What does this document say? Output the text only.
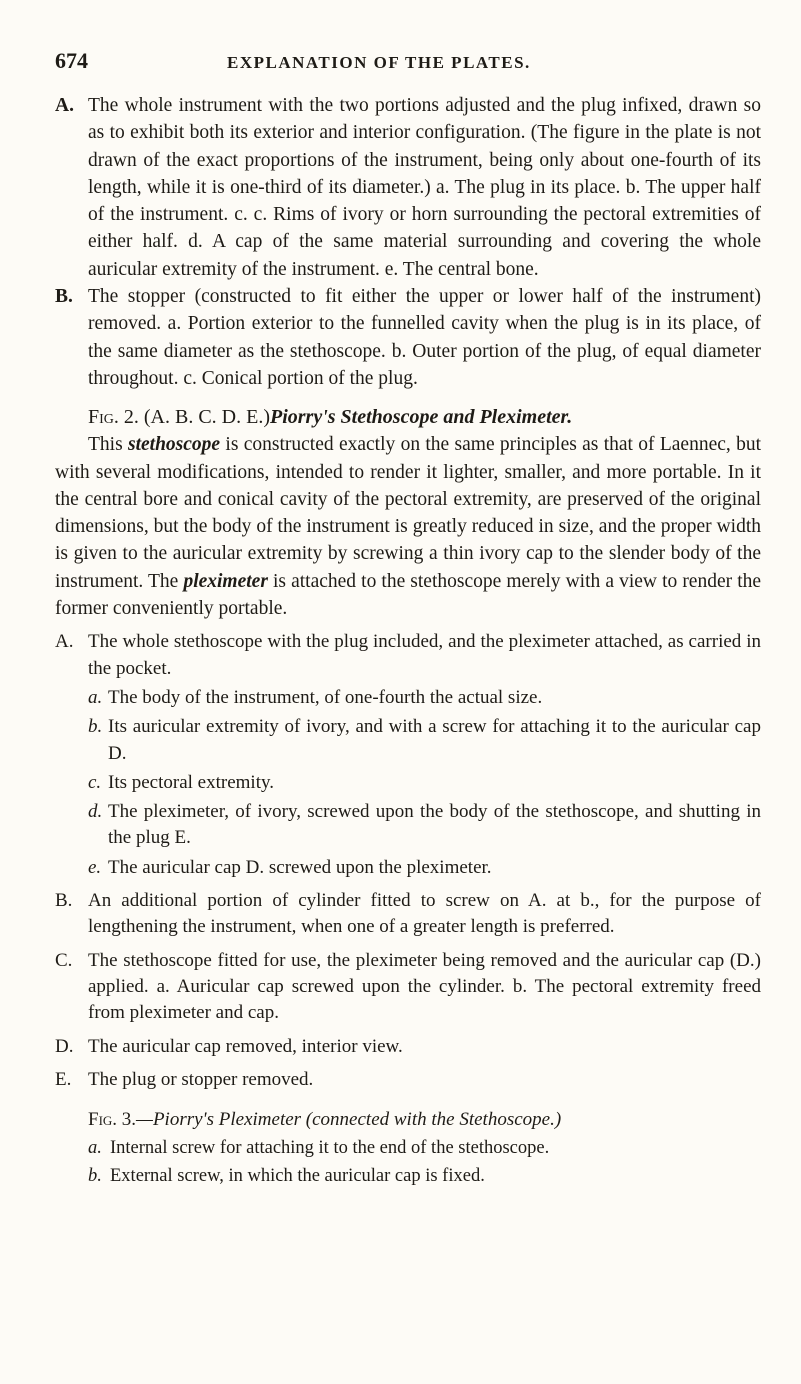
674	EXPLANATION OF THE PLATES.

A. The whole instrument with the two portions adjusted and the plug infixed, drawn so as to exhibit both its exterior and interior configuration. (The figure in the plate is not drawn of the exact proportions of the instrument, being only about one-fourth of its length, while it is one-third of its diameter.) a. The plug in its place. b. The upper half of the instrument. c. c. Rims of ivory or horn surrounding the pectoral extremities of either half. d. A cap of the same material surrounding and covering the whole auricular extremity of the instrument. e. The central bone.

B. The stopper (constructed to fit either the upper or lower half of the instrument) removed. a. Portion exterior to the funnelled cavity when the plug is in its place, of the same diameter as the stethoscope. b. Outer portion of the plug, of equal diameter throughout. c. Conical portion of the plug.

Fig. 2. (A. B. C. D. E.)Piorry's Stethoscope and Pleximeter.

This stethoscope is constructed exactly on the same principles as that of Laennec, but with several modifications, intended to render it lighter, smaller, and more portable. In it the central bore and conical cavity of the pectoral extremity, are preserved of the original dimensions, but the body of the instrument is greatly reduced in size, and the proper width is given to the auricular extremity by screwing a thin ivory cap to the slender body of the instrument. The pleximeter is attached to the stethoscope merely with a view to render the former conveniently portable.

A. The whole stethoscope with the plug included, and the pleximeter attached, as carried in the pocket.

a. The body of the instrument, of one-fourth the actual size.

b. Its auricular extremity of ivory, and with a screw for attaching it to the auricular cap D.

c. Its pectoral extremity.

d. The pleximeter, of ivory, screwed upon the body of the stethoscope, and shutting in the plug E.

e. The auricular cap D. screwed upon the pleximeter.

B. An additional portion of cylinder fitted to screw on A. at b., for the purpose of lengthening the instrument, when one of a greater length is preferred.

C. The stethoscope fitted for use, the pleximeter being removed and the auricular cap (D.) applied. a. Auricular cap screwed upon the cylinder. b. The pectoral extremity freed from pleximeter and cap.

D. The auricular cap removed, interior view.

E. The plug or stopper removed.

Fig. 3.—Piorry's Pleximeter (connected with the Stethoscope.)

a. Internal screw for attaching it to the end of the stethoscope.

b. External screw, in which the auricular cap is fixed.
